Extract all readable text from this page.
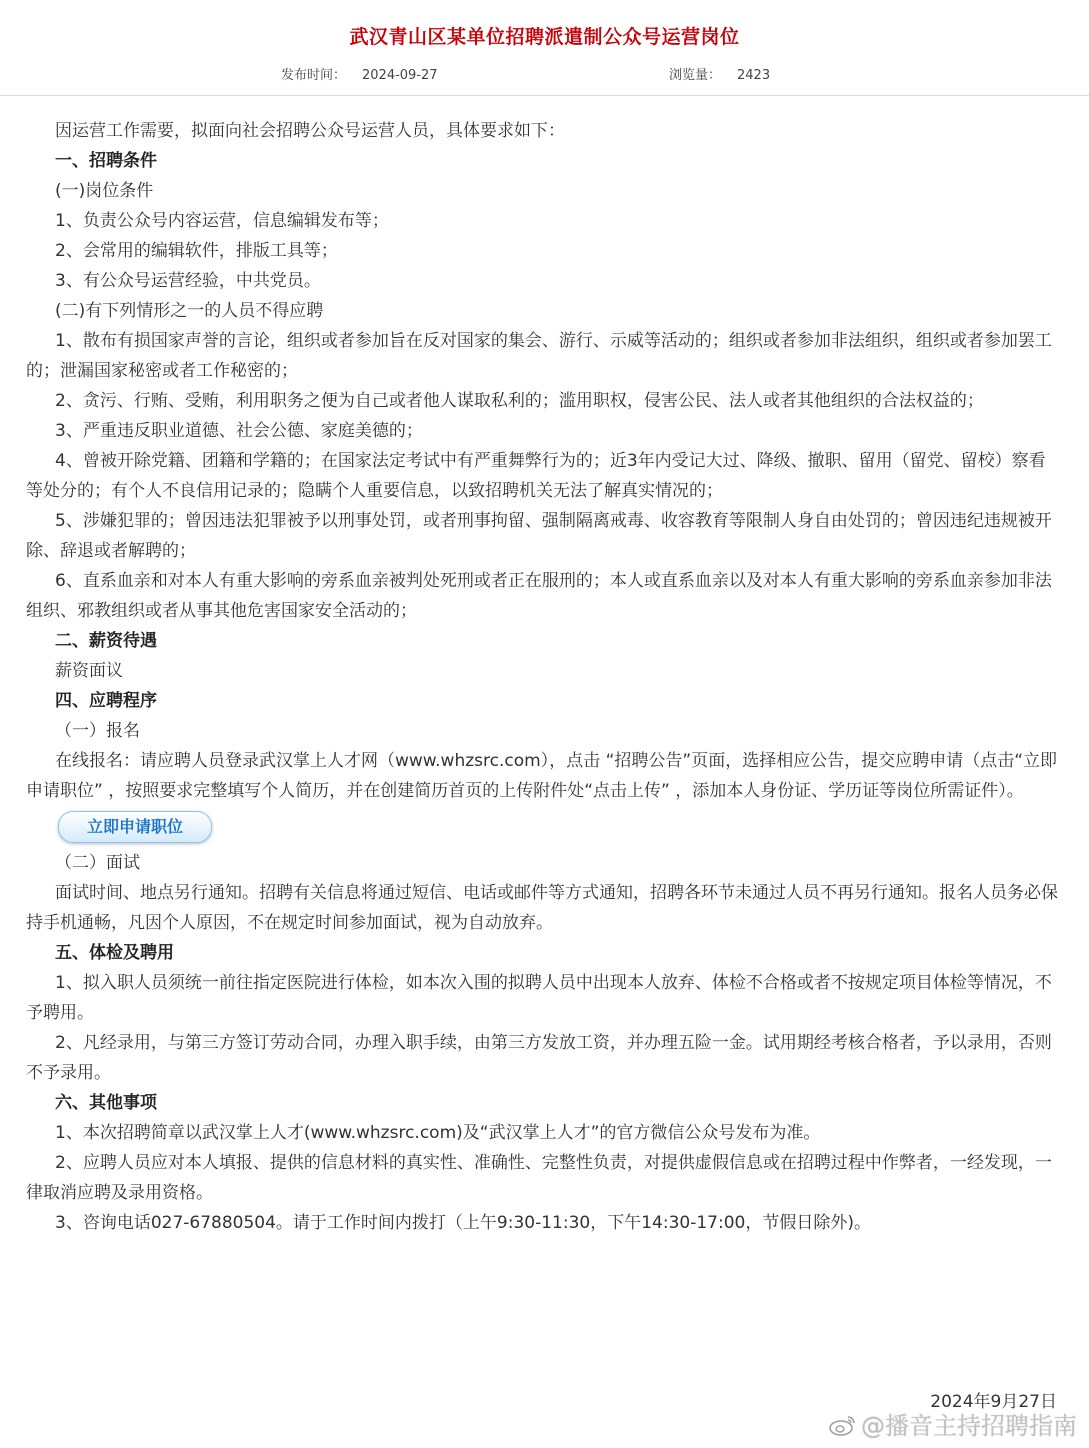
武汉青山区某单位招聘派遣制公众号运营岗位
发布时间： 2024-09-27	浏览量： 2423

因运营工作需要，拟面向社会招聘公众号运营人员，具体要求如下：

一、招聘条件

(一)岗位条件

1、负责公众号内容运营，信息编辑发布等；

2、会常用的编辑软件，排版工具等；

3、有公众号运营经验，中共党员。

(二)有下列情形之一的人员不得应聘

1、散布有损国家声誉的言论，组织或者参加旨在反对国家的集会、游行、示威等活动的；组织或者参加非法组织，组织或者参加罢工的；泄漏国家秘密或者工作秘密的；

2、贪污、行贿、受贿，利用职务之便为自己或者他人谋取私利的；滥用职权，侵害公民、法人或者其他组织的合法权益的；

3、严重违反职业道德、社会公德、家庭美德的；

4、曾被开除党籍、团籍和学籍的；在国家法定考试中有严重舞弊行为的；近3年内受记大过、降级、撤职、留用（留党、留校）察看等处分的；有个人不良信用记录的；隐瞒个人重要信息，以致招聘机关无法了解真实情况的；

5、涉嫌犯罪的；曾因违法犯罪被予以刑事处罚，或者刑事拘留、强制隔离戒毒、收容教育等限制人身自由处罚的；曾因违纪违规被开除、辞退或者解聘的；

6、直系血亲和对本人有重大影响的旁系血亲被判处死刑或者正在服刑的；本人或直系血亲以及对本人有重大影响的旁系血亲参加非法组织、邪教组织或者从事其他危害国家安全活动的；

二、薪资待遇

薪资面议

四、应聘程序

（一）报名

在线报名：请应聘人员登录武汉掌上人才网（www.whzsrc.com），点击 “招聘公告”页面，选择相应公告，提交应聘申请（点击“立即申请职位” ，按照要求完整填写个人简历，并在创建简历首页的上传附件处“点击上传” ，添加本人身份证、学历证等岗位所需证件）。

立即申请职位

（二）面试

面试时间、地点另行通知。招聘有关信息将通过短信、电话或邮件等方式通知，招聘各环节未通过人员不再另行通知。报名人员务必保持手机通畅，凡因个人原因，不在规定时间参加面试，视为自动放弃。

五、体检及聘用

1、拟入职人员须统一前往指定医院进行体检，如本次入围的拟聘人员中出现本人放弃、体检不合格或者不按规定项目体检等情况，不予聘用。

2、凡经录用，与第三方签订劳动合同，办理入职手续，由第三方发放工资，并办理五险一金。试用期经考核合格者，予以录用，否则不予录用。

六、其他事项

1、本次招聘简章以武汉掌上人才(www.whzsrc.com)及“武汉掌上人才”的官方微信公众号发布为准。

2、应聘人员应对本人填报、提供的信息材料的真实性、准确性、完整性负责，对提供虚假信息或在招聘过程中作弊者，一经发现，一律取消应聘及录用资格。

3、咨询电话027-67880504。请于工作时间内拨打（上午9:30-11:30，下午14:30-17:00，节假日除外)。

2024年9月27日
@播音主持招聘指南
